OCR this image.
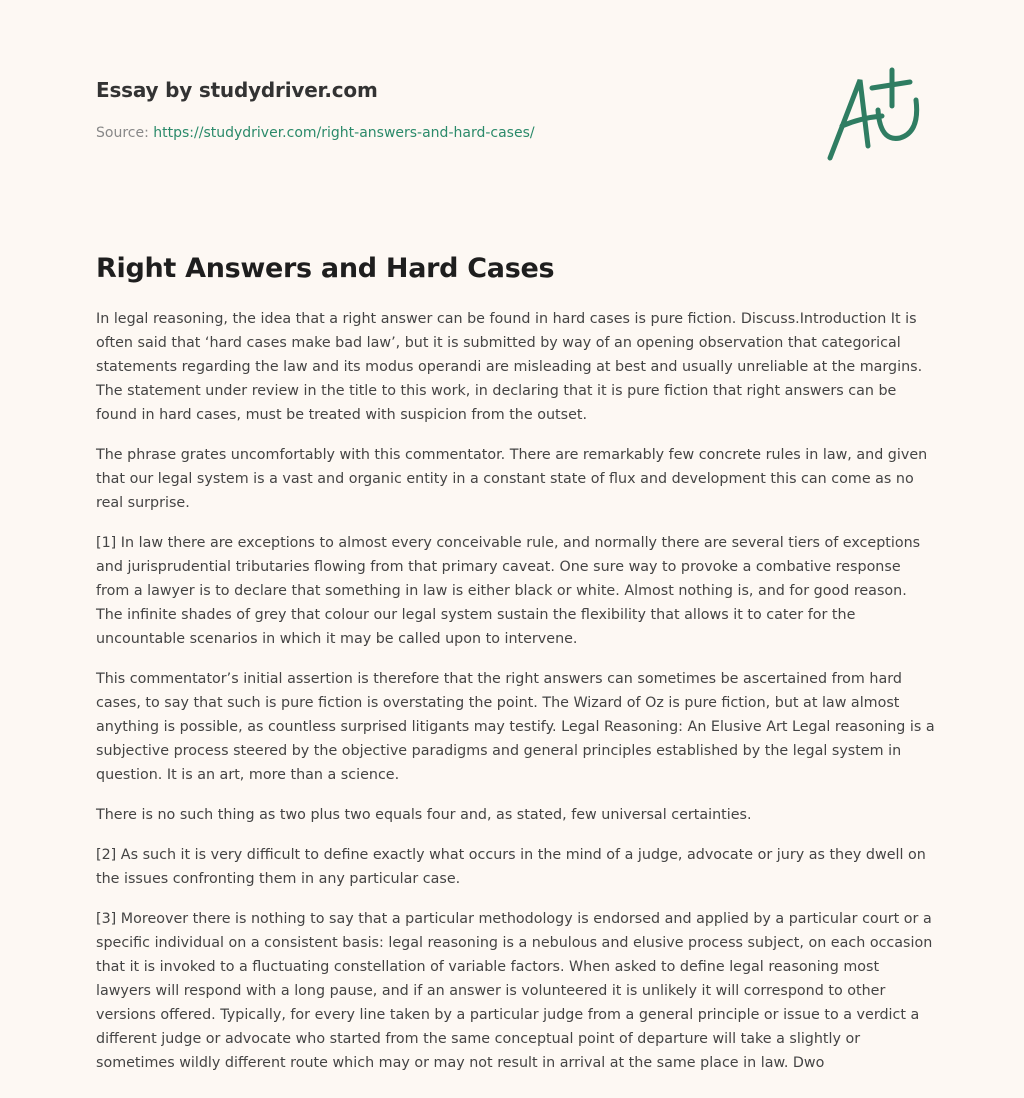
Essay by studydriver.com
Source: https://studydriver.com/right-answers-and-hard-cases/
Right Answers and Hard Cases

In legal reasoning, the idea that a right answer can be found in hard cases is pure fiction. Discuss.Introduction It is often said that ‘hard cases make bad law’, but it is submitted by way of an opening observation that categorical statements regarding the law and its modus operandi are misleading at best and usually unreliable at the margins. The statement under review in the title to this work, in declaring that it is pure fiction that right answers can be found in hard cases, must be treated with suspicion from the outset.

The phrase grates uncomfortably with this commentator. There are remarkably few concrete rules in law, and given that our legal system is a vast and organic entity in a constant state of flux and development this can come as no real surprise.

[1] In law there are exceptions to almost every conceivable rule, and normally there are several tiers of exceptions and jurisprudential tributaries flowing from that primary caveat. One sure way to provoke a combative response from a lawyer is to declare that something in law is either black or white. Almost nothing is, and for good reason. The infinite shades of grey that colour our legal system sustain the flexibility that allows it to cater for the uncountable scenarios in which it may be called upon to intervene.

This commentator’s initial assertion is therefore that the right answers can sometimes be ascertained from hard cases, to say that such is pure fiction is overstating the point. The Wizard of Oz is pure fiction, but at law almost anything is possible, as countless surprised litigants may testify. Legal Reasoning: An Elusive Art Legal reasoning is a subjective process steered by the objective paradigms and general principles established by the legal system in question. It is an art, more than a science.

There is no such thing as two plus two equals four and, as stated, few universal certainties.

[2] As such it is very difficult to define exactly what occurs in the mind of a judge, advocate or jury as they dwell on the issues confronting them in any particular case.

[3] Moreover there is nothing to say that a particular methodology is endorsed and applied by a particular court or a specific individual on a consistent basis: legal reasoning is a nebulous and elusive process subject, on each occasion that it is invoked to a fluctuating constellation of variable factors. When asked to define legal reasoning most lawyers will respond with a long pause, and if an answer is volunteered it is unlikely it will correspond to other versions offered. Typically, for every line taken by a particular judge from a general principle or issue to a verdict a different judge or advocate who started from the same conceptual point of departure will take a slightly or sometimes wildly different route which may or may not result in arrival at the same place in law. Dwo
